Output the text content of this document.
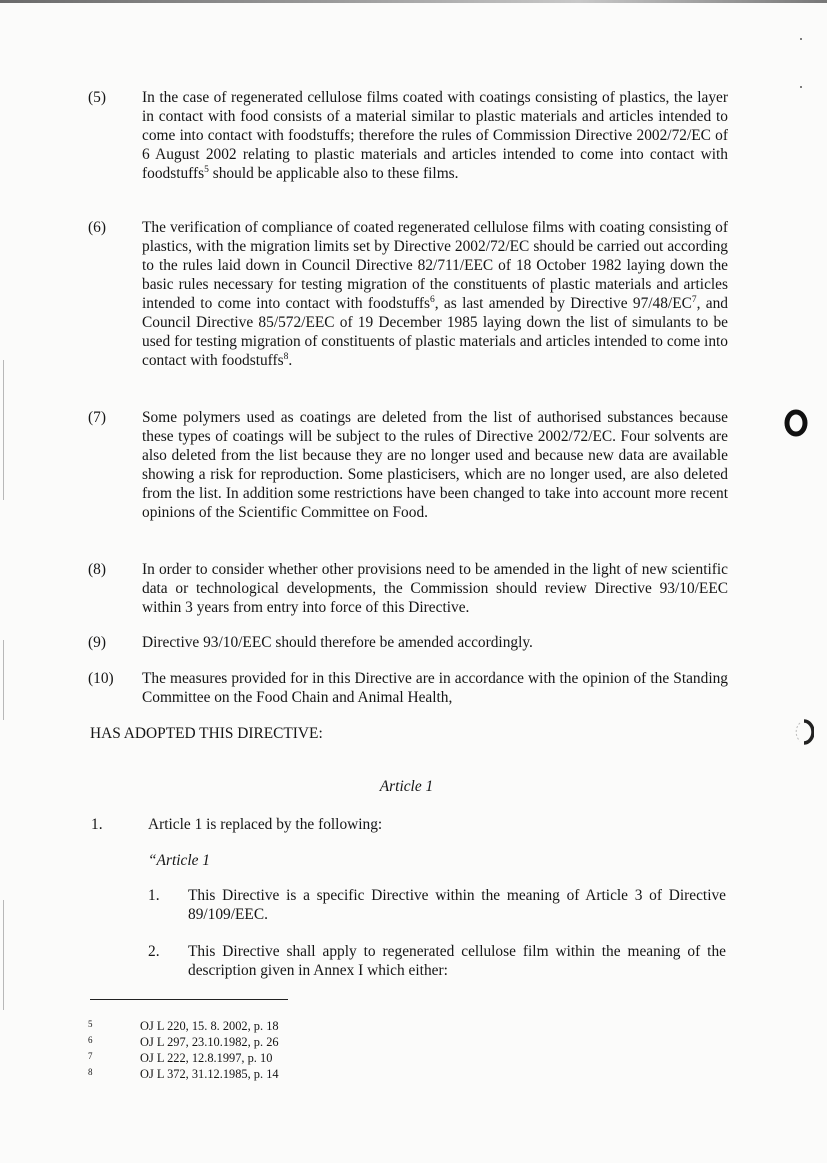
(5) In the case of regenerated cellulose films coated with coatings consisting of plastics, the layer in contact with food consists of a material similar to plastic materials and articles intended to come into contact with foodstuffs; therefore the rules of Commission Directive 2002/72/EC of 6 August 2002 relating to plastic materials and articles intended to come into contact with foodstuffs$^5$ should be applicable also to these films.
(6) The verification of compliance of coated regenerated cellulose films with coating consisting of plastics, with the migration limits set by Directive 2002/72/EC should be carried out according to the rules laid down in Council Directive 82/711/EEC of 18 October 1982 laying down the basic rules necessary for testing migration of the constituents of plastic materials and articles intended to come into contact with foodstuffs$^6$, as last amended by Directive $97/48/EC^7$, and Council Directive 85/572/EEC of 19 December 1985 laying down the list of simulants to be used for testing migration of constituents of plastic materials and articles intended to come into contact with foodstuffs$^8$.
(7) Some polymers used as coatings are deleted from the list of authorised substances because these types of coatings will be subject to the rules of Directive 2002/72/EC. Four solvents are also deleted from the list because they are no longer used and because new data are available showing a risk for reproduction. Some plasticisers, which are no longer used, are also deleted from the list. In addition some restrictions have been changed to take into account more recent opinions of the Scientific Committee on Food.
(8) In order to consider whether other provisions need to be amended in the light of new scientific data or technological developments, the Commission should review Directive 93/10/EEC within 3 years from entry into force of this Directive.
(9) Directive 93/10/EEC should therefore be amended accordingly.
(10) The measures provided for in this Directive are in accordance with the opinion of the Standing Committee on the Food Chain and Animal Health,
HAS ADOPTED THIS DIRECTIVE:
Article 1
1.	Article 1 is replaced by the following:
“Article 1
1. This Directive is a specific Directive within the meaning of Article 3 of Directive 89/109/EEC.
2. This Directive shall apply to regenerated cellulose film within the meaning of the description given in Annex I which either:
5	OJ L 220, 15. 8. 2002, p. 18
6	OJ L 297, 23.10.1982, p. 26
7	OJ L 222, 12.8.1997, p. 10
8	OJ L 372, 31.12.1985, p. 14
